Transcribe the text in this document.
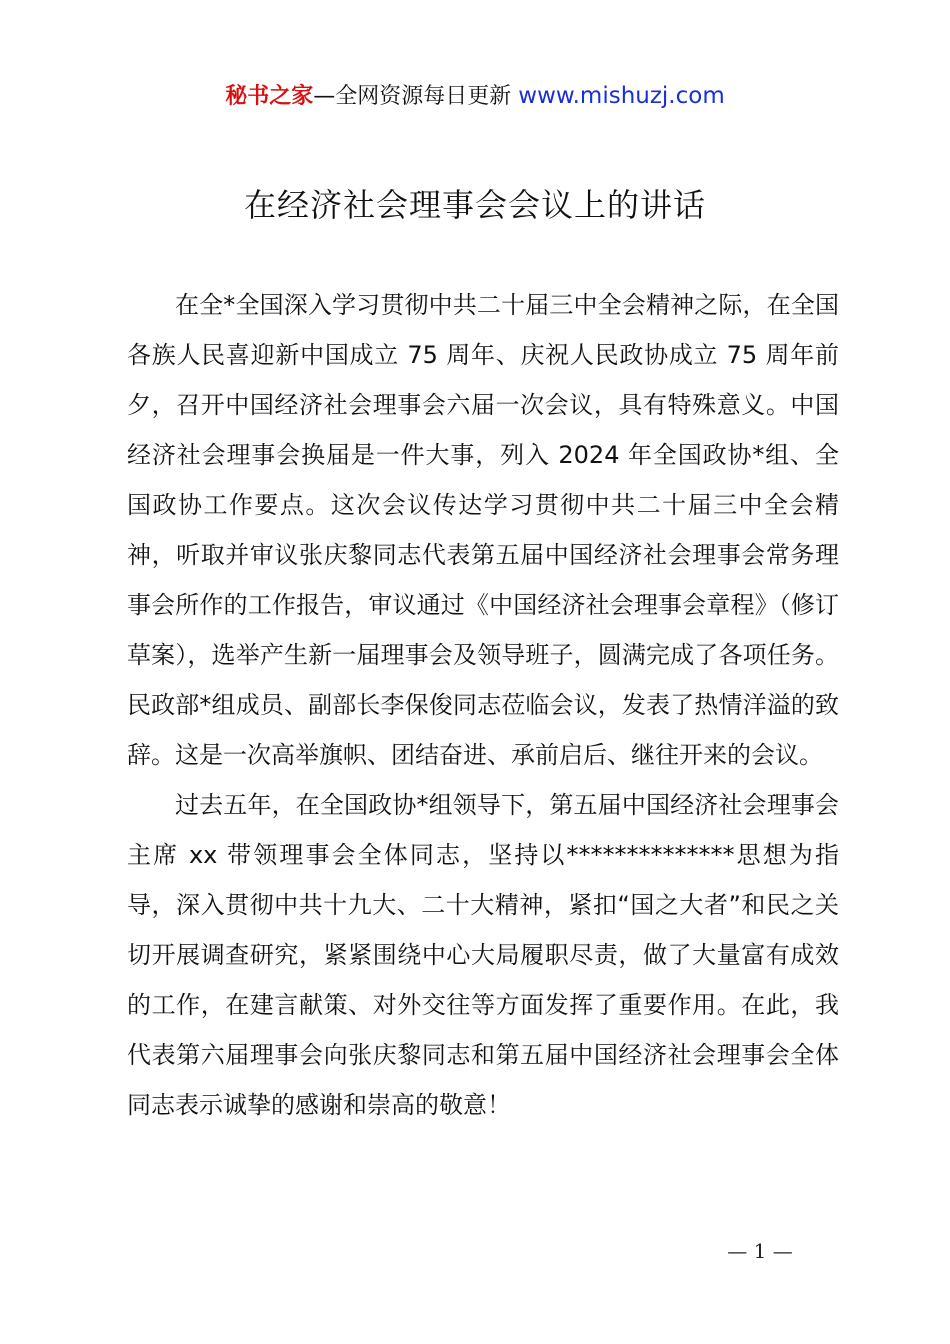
秘书之家—全网资源每日更新 www.mishuzj.com
在经济社会理事会会议上的讲话

在全*全国深入学习贯彻中共二十届三中全会精神之际，在全国各族人民喜迎新中国成立 75 周年、庆祝人民政协成立 75 周年前夕，召开中国经济社会理事会六届一次会议，具有特殊意义。中国经济社会理事会换届是一件大事，列入 2024 年全国政协*组、全国政协工作要点。这次会议传达学习贯彻中共二十届三中全会精神，听取并审议张庆黎同志代表第五届中国经济社会理事会常务理事会所作的工作报告，审议通过《中国经济社会理事会章程》（修订草案），选举产生新一届理事会及领导班子，圆满完成了各项任务。民政部*组成员、副部长李保俊同志莅临会议，发表了热情洋溢的致辞。这是一次高举旗帜、团结奋进、承前启后、继往开来的会议。

过去五年，在全国政协*组领导下，第五届中国经济社会理事会主席 xx 带领理事会全体同志，坚持以**************思想为指导，深入贯彻中共十九大、二十大精神，紧扣“国之大者”和民之关切开展调查研究，紧紧围绕中心大局履职尽责，做了大量富有成效的工作，在建言献策、对外交往等方面发挥了重要作用。在此，我代表第六届理事会向张庆黎同志和第五届中国经济社会理事会全体同志表示诚挚的感谢和崇高的敬意！

— 1 —
